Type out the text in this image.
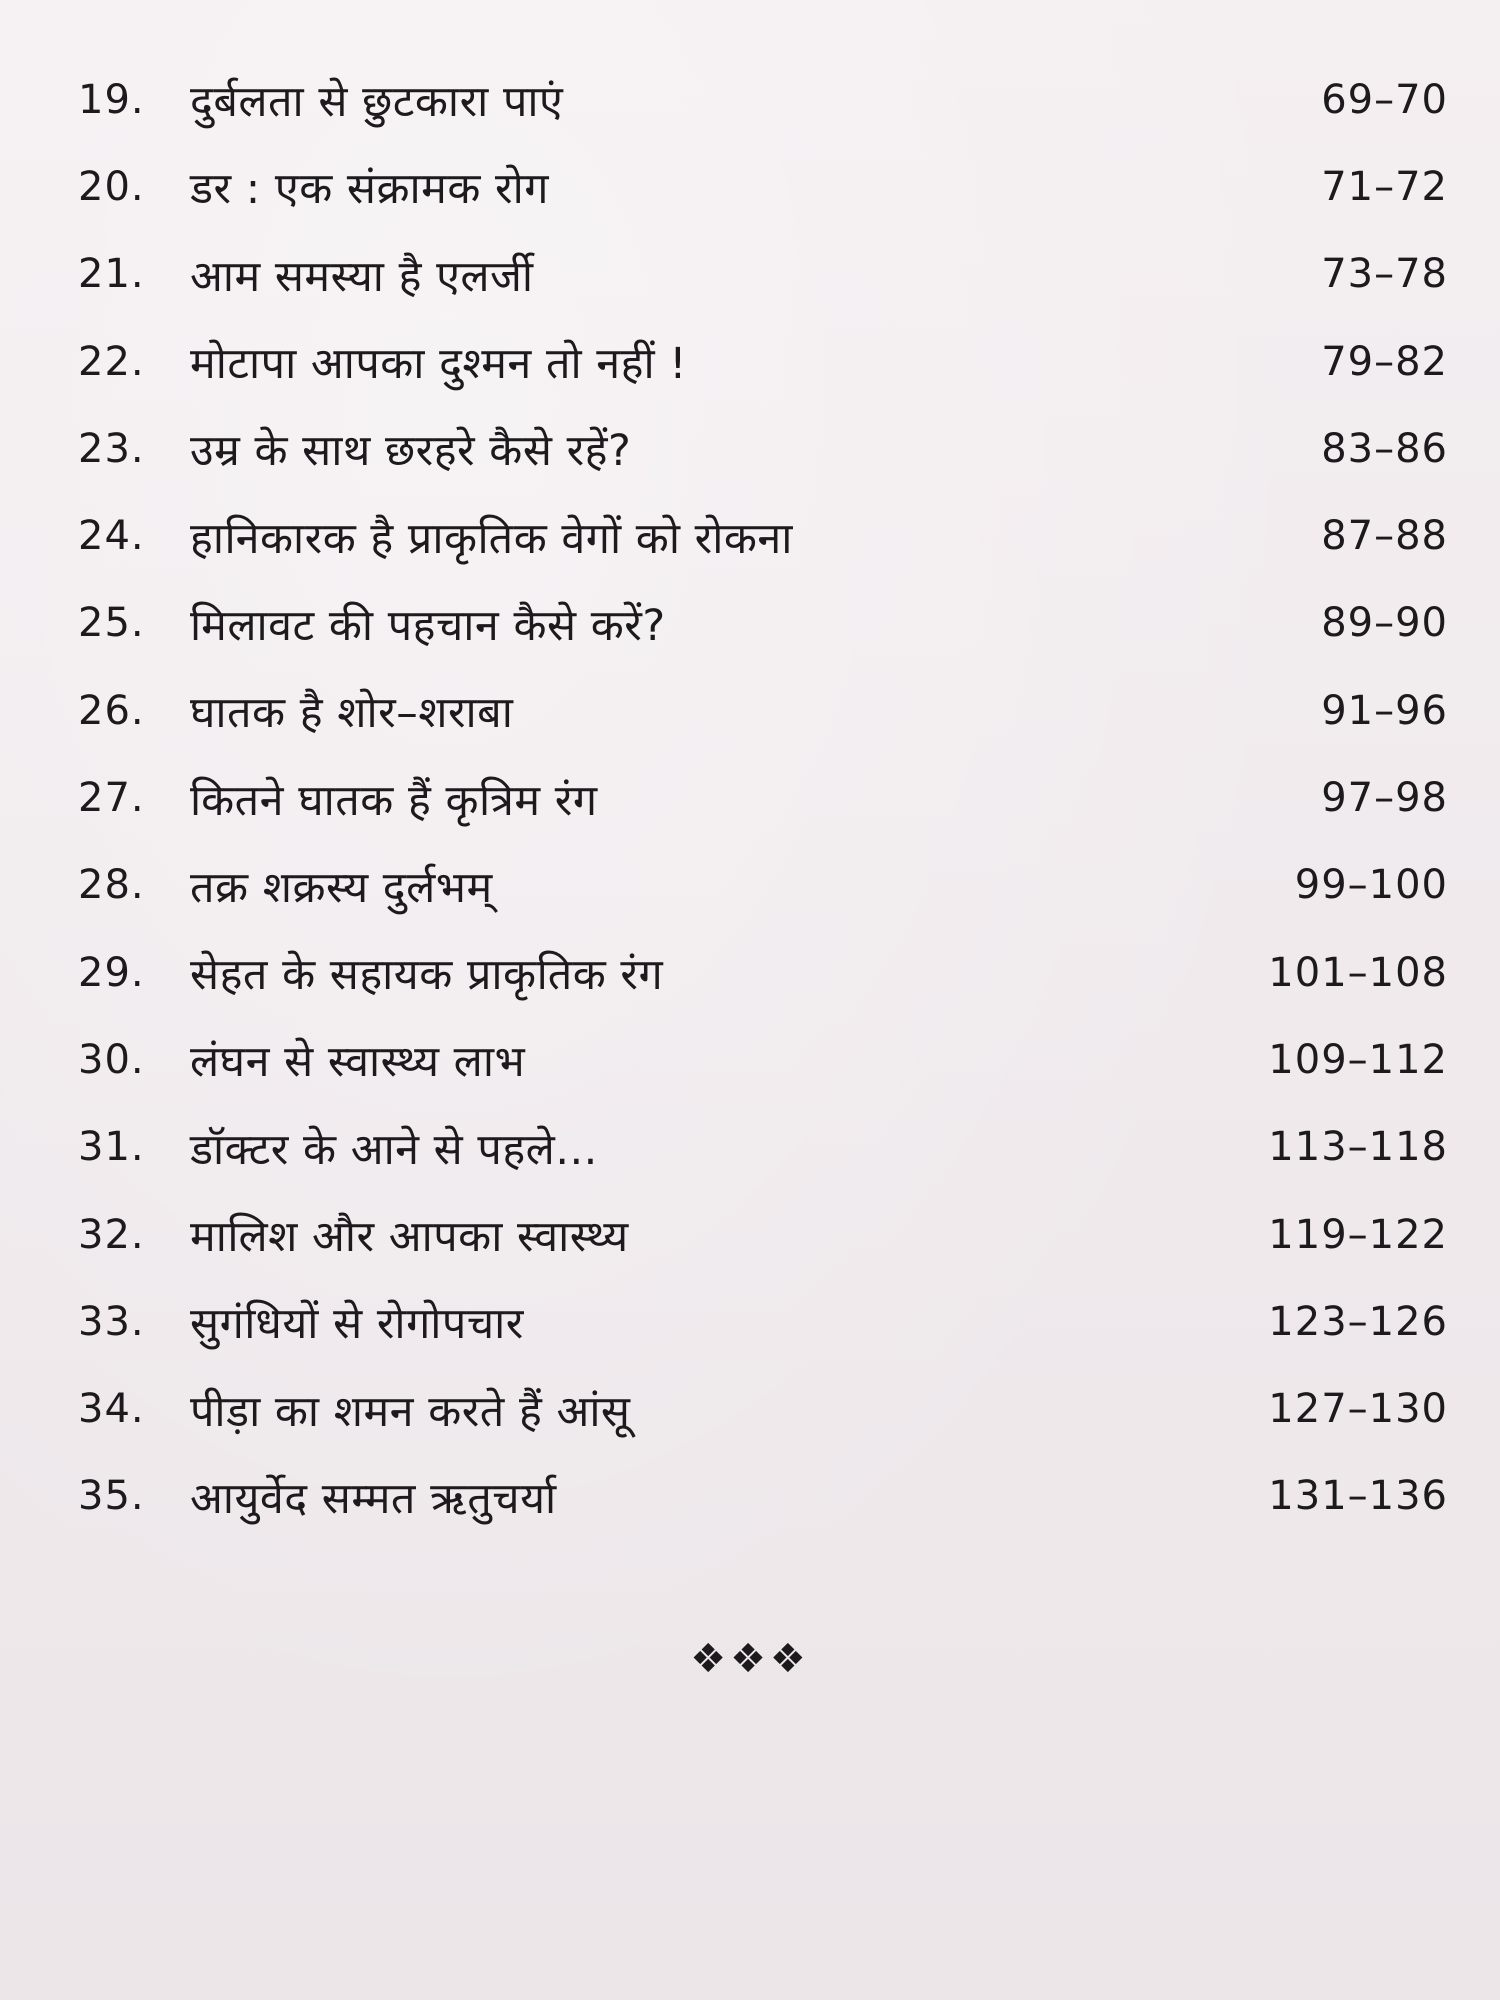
19.	दुर्बलता से छुटकारा पाएं	69–70
20.	डर : एक संक्रामक रोग	71–72
21.	आम समस्या है एलर्जी	73–78
22.	मोटापा आपका दुश्मन तो नहीं !	79–82
23.	उम्र के साथ छरहरे कैसे रहें?	83–86
24.	हानिकारक है प्राकृतिक वेगों को रोकना	87–88
25.	मिलावट की पहचान कैसे करें?	89–90
26.	घातक है शोर–शराबा	91–96
27.	कितने घातक हैं कृत्रिम रंग	97–98
28.	तक्र शक्रस्य दुर्लभम्	99–100
29.	सेहत के सहायक प्राकृतिक रंग	101–108
30.	लंघन से स्वास्थ्य लाभ	109–112
31.	डॉक्टर के आने से पहले...	113–118
32.	मालिश और आपका स्वास्थ्य	119–122
33.	सुगंधियों से रोगोपचार	123–126
34.	पीड़ा का शमन करते हैं आंसू	127–130
35.	आयुर्वेद सम्मत ऋतुचर्या	131–136
❖❖❖
